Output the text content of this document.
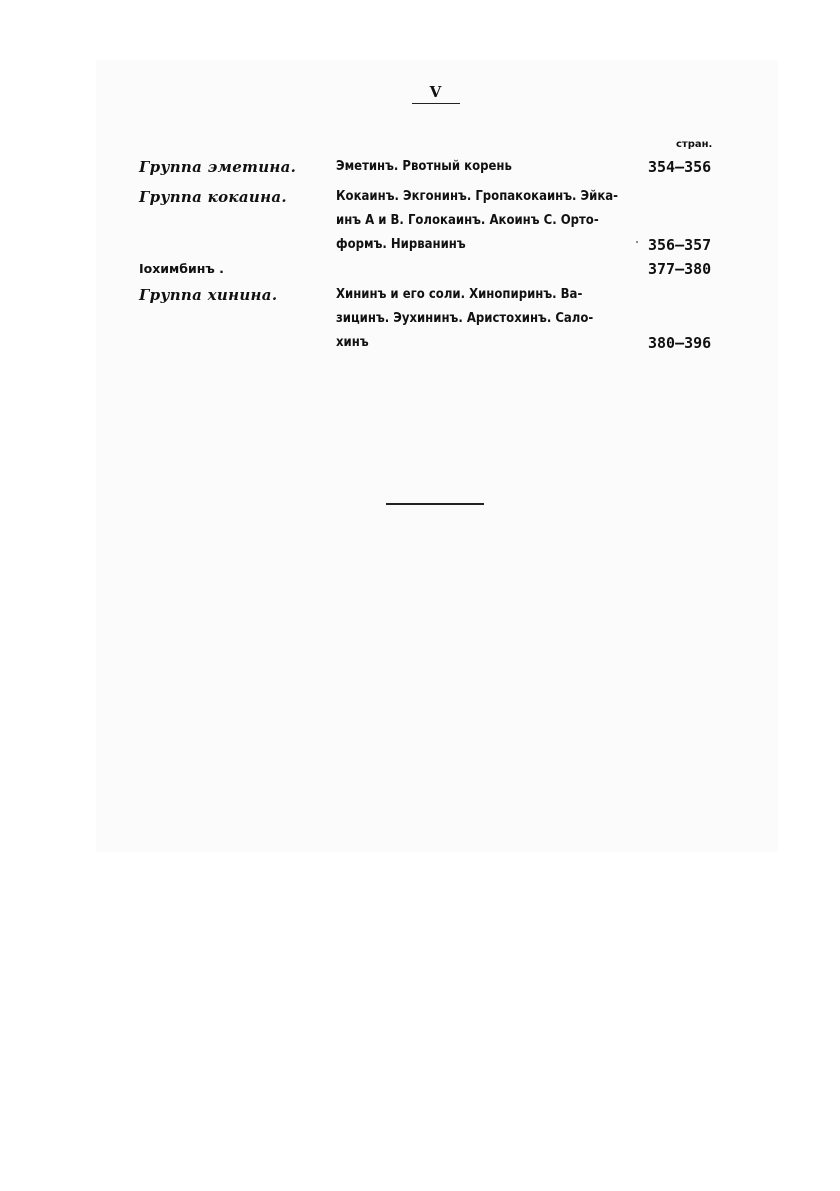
V
стран.
Группа эметина.	Эметинъ. Рвотный корень	354—356
Группа кокаина.	Кокаинъ. Экгонинъ. Гропакокаинъ. Эйка-
инъ А и В. Голокаинъ. Акоинъ С. Орто-
формъ. Нирванинъ	356—357
Іохимбинъ .	377—380
Группа хинина.	Хининъ и его соли. Хинопиринъ. Ва-
зицинъ. Эухининъ. Аристохинъ. Сало-
хинъ	380—396
